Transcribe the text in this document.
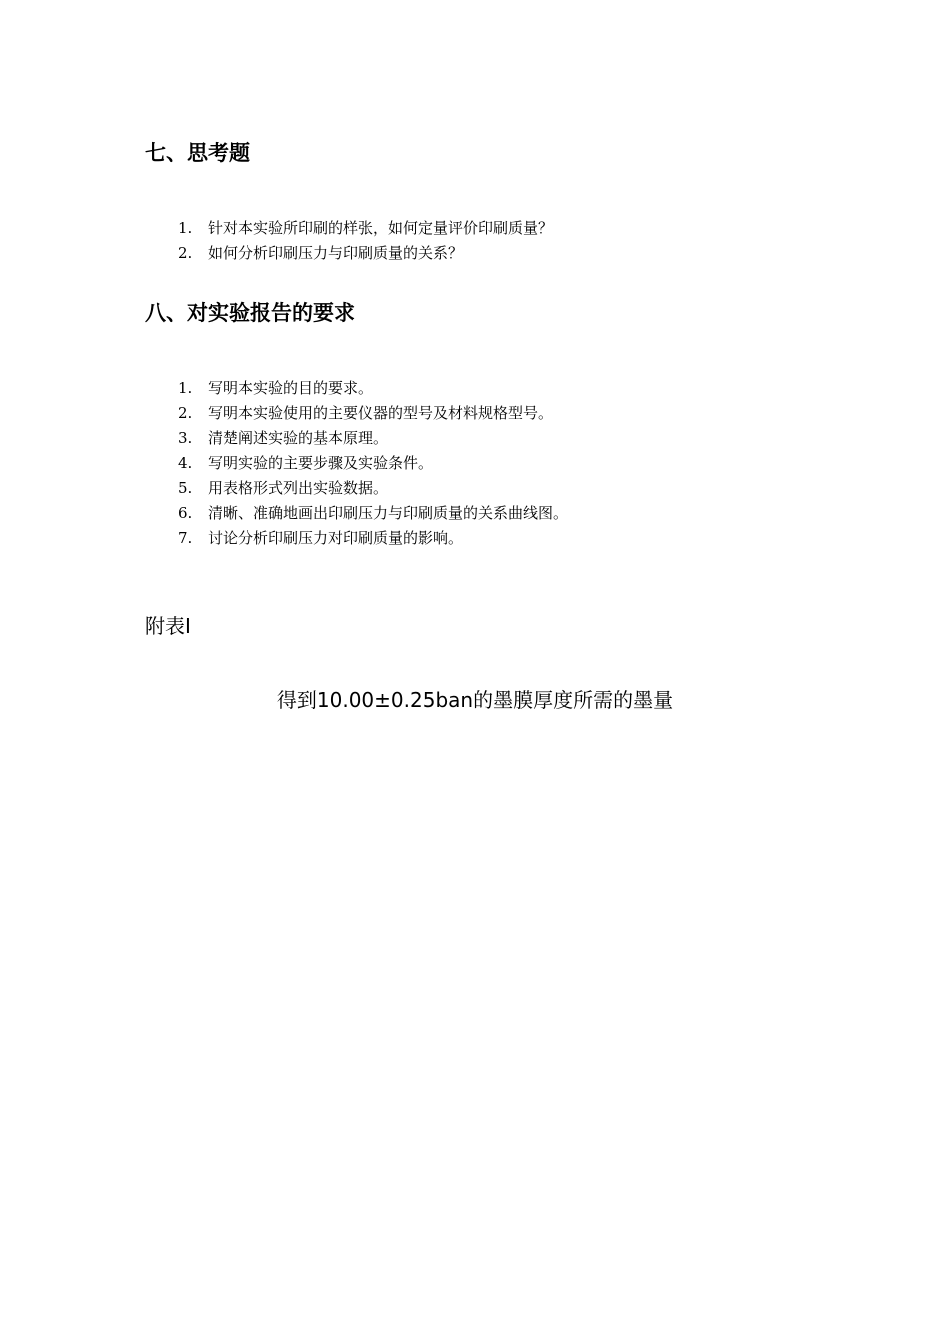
七、思考题
1. 针对本实验所印刷的样张，如何定量评价印刷质量？
2. 如何分析印刷压力与印刷质量的关系？
八、对实验报告的要求
1. 写明本实验的目的要求。
2. 写明本实验使用的主要仪器的型号及材料规格型号。
3. 清楚阐述实验的基本原理。
4. 写明实验的主要步骤及实验条件。
5. 用表格形式列出实验数据。
6. 清晰、准确地画出印刷压力与印刷质量的关系曲线图。
7. 讨论分析印刷压力对印刷质量的影响。

附表Ⅰ

得到10.00±0.25ban的墨膜厚度所需的墨量
